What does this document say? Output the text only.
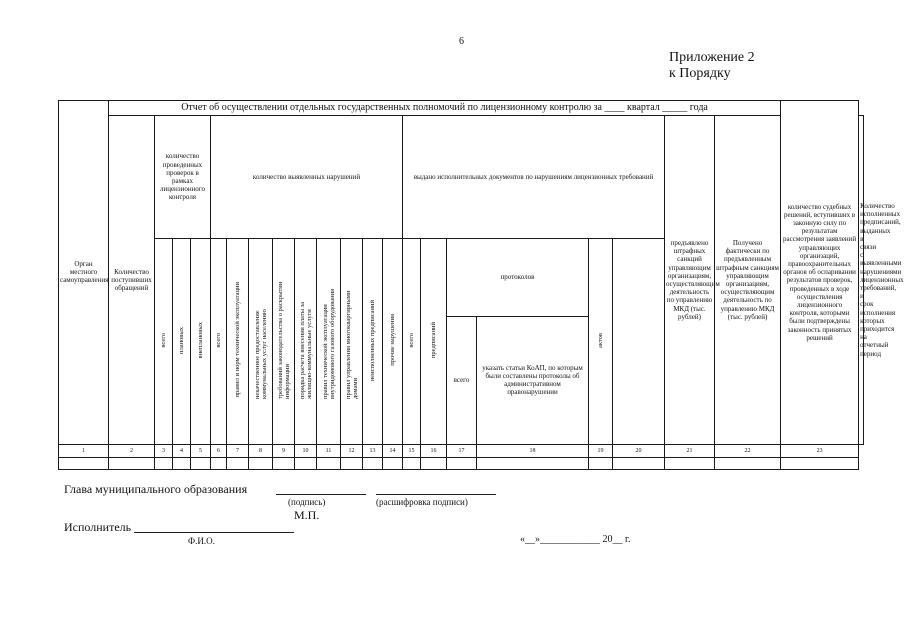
6
Приложение 2
к Порядку
Орган местного самоуправления	Отчет об осуществлении отдельных государственных полномочий по лицензионному контролю за ____ квартал _____ года																					количество судебных решений, вступивших в законную силу по результатам рассмотрения заявлений управляющих организаций, правоохранительных органов об оспаривании результатов проверок, проведенных в ходе осуществления лицензионного контроля, которыми были подтверждены законность принятых решений	
	Количество поступивших обращений	количество проведенных проверок в рамках лицензионного контроля			количество выявленных нарушений									выдано исполнительных документов по нарушениям лицензионных требований						предъявлено штрафных санкций управляющим организациям, осуществляющим деятельность по управлению МКД (тыс. рублей)	Получено фактически по предъявленным штрафным санкциям управляющим организациям, осуществляющим деятельность по управлению МКД (тыс. рублей)		Количество исполненных предписаний, выданных в связи с выявленными нарушениями лицензионных требований, и срок исполнения которых приходится на отчетный период
		всего	плановых	внеплановых	всего	правил и норм технической эксплуатации	некачественное предоставление коммунальных услуг населению	требований законодательства о раскрытии информации	порядка расчета внесения платы за жилищно-коммунальные услуги	правил технической эксплуатации внутридомового газового оборудования	правил управления многоквартирными домами	неисполненных предписаний	прочие нарушения	всего	предписаний	протоколов		актов					
																всего	указать статьи КоАП, по которым были составлены протоколы об административном правонарушении						
1	2	3	4	5	6	7	8	9	10	11	12	13	14	15	16	17	18	19	20	21	22	23	

Глава муниципального образования
(подпись)	(расшифровка подписи)
М.П.
Исполнитель
Ф.И.О.	«__»____________ 20__ г.
